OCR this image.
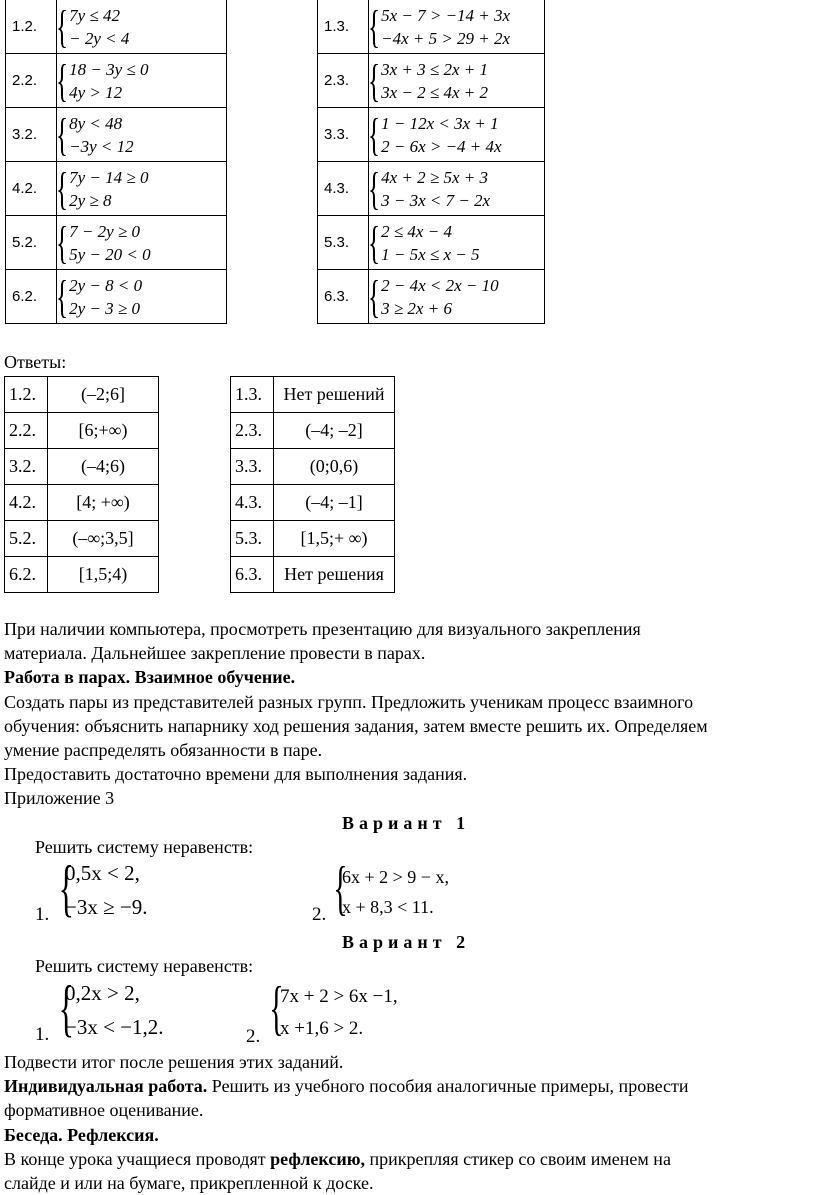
1.2.	{ 7y ≤ 42
− 2y < 4

2.2.	{ 18 − 3y ≤ 0
4y > 12

3.2.	{ 8y < 48
−3y < 12

4.2.	{ 7y − 14 ≥ 0
2y ≥ 8

5.2.	{ 7 − 2y ≥ 0
5y − 20 < 0

6.2.	{ 2y − 8 < 0
2y − 3 ≥ 0
1.3.	{ 5x − 7 > −14 + 3x
−4x + 5 > 29 + 2x

2.3.	{ 3x + 3 ≤ 2x + 1
3x − 2 ≤ 4x + 2

3.3.	{ 1 − 12x < 3x + 1
2 − 6x > −4 + 4x

4.3.	{ 4x + 2 ≥ 5x + 3
3 − 3x < 7 − 2x

5.3.	{ 2 ≤ 4x − 4
1 − 5x ≤ x − 5

6.3.	{ 2 − 4x < 2x − 10
3 ≥ 2x + 6
Ответы:
1.2.	(–2;6]
2.2.	[6;+∞)
3.2.	(–4;6)
4.2.	[4; +∞)
5.2.	(–∞;3,5]
6.2.	[1,5;4)
1.3.	Нет решений
2.3.	(–4; –2]
3.3.	(0;0,6)
4.3.	(–4; –1]
5.3.	[1,5;+ ∞)
6.3.	Нет решения
При наличии компьютера, просмотреть презентацию для визуального закрепления
материала. Дальнейшее закрепление провести в парах.
Работа в парах. Взаимное обучение.
Создать пары из представителей разных групп. Предложить ученикам процесс взаимного
обучения: объяснить напарнику ход решения задания, затем вместе решить их. Определяем
умение распределять обязанности в паре.
Предоставить достаточно времени для выполнения задания.
Приложение 3
Вариант 1
Решить систему неравенств:
1. {
0,5x < 2,
−3x ≥ −9.	2. {
6x + 2 > 9 − x,
x + 8,3 < 11.
Вариант 2
Решить систему неравенств:
1. {
0,2x > 2,
−3x < −1,2.	2. {
7x + 2 > 6x −1,
x +1,6 > 2.
Подвести итог после решения этих заданий.
Индивидуальная работа. Решить из учебного пособия аналогичные примеры, провести
формативное оценивание.
Беседа. Рефлексия.
В конце урока учащиеся проводят рефлексию, прикрепляя стикер со своим именем на
слайде и или на бумаге, прикрепленной к доске.
